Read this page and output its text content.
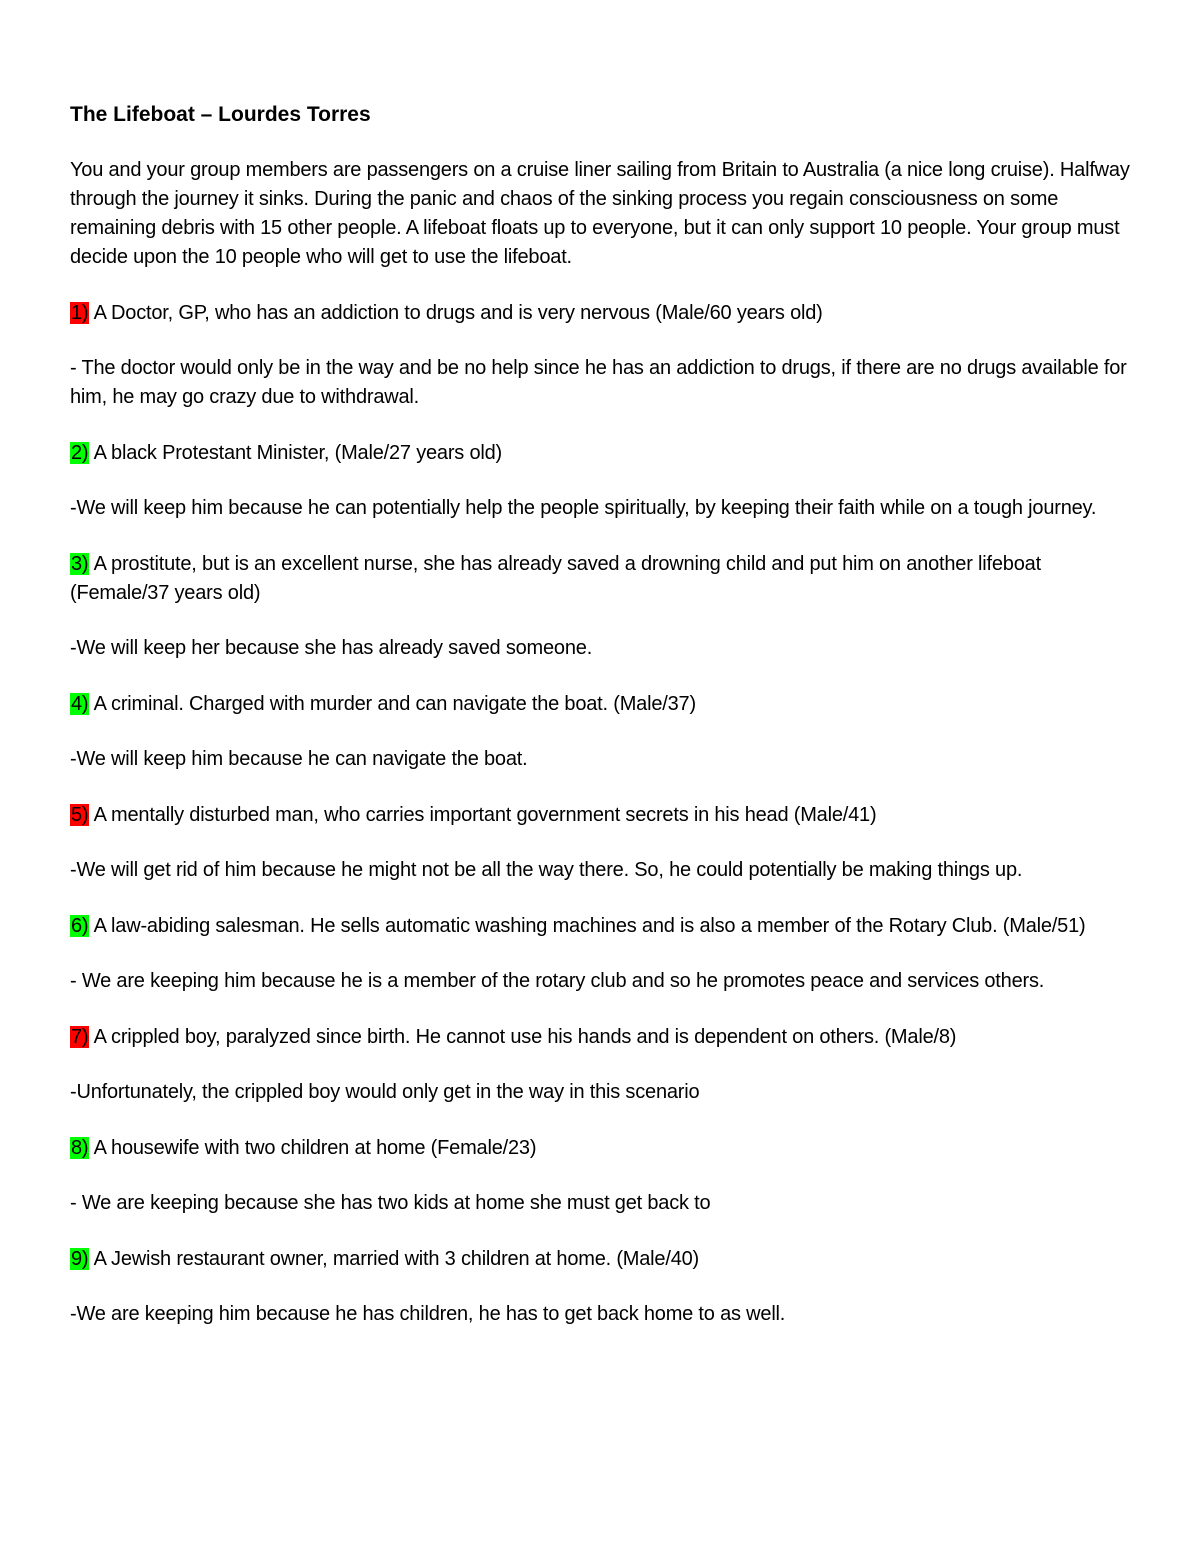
The Lifeboat – Lourdes Torres

You and your group members are passengers on a cruise liner sailing from Britain to Australia (a nice long cruise). Halfway through the journey it sinks. During the panic and chaos of the sinking process you regain consciousness on some remaining debris with 15 other people. A lifeboat floats up to everyone, but it can only support 10 people. Your group must decide upon the 10 people who will get to use the lifeboat.

1) A Doctor, GP, who has an addiction to drugs and is very nervous (Male/60 years old)

- The doctor would only be in the way and be no help since he has an addiction to drugs, if there are no drugs available for him, he may go crazy due to withdrawal.

2) A black Protestant Minister, (Male/27 years old)

-We will keep him because he can potentially help the people spiritually, by keeping their faith while on a tough journey.

3) A prostitute, but is an excellent nurse, she has already saved a drowning child and put him on another lifeboat (Female/37 years old)

-We will keep her because she has already saved someone.

4) A criminal. Charged with murder and can navigate the boat. (Male/37)

-We will keep him because he can navigate the boat.

5) A mentally disturbed man, who carries important government secrets in his head (Male/41)

-We will get rid of him because he might not be all the way there. So, he could potentially be making things up.

6) A law-abiding salesman. He sells automatic washing machines and is also a member of the Rotary Club. (Male/51)

- We are keeping him because he is a member of the rotary club and so he promotes peace and services others.

7) A crippled boy, paralyzed since birth. He cannot use his hands and is dependent on others. (Male/8)

-Unfortunately, the crippled boy would only get in the way in this scenario

8) A housewife with two children at home (Female/23)

- We are keeping because she has two kids at home she must get back to

9) A Jewish restaurant owner, married with 3 children at home. (Male/40)

-We are keeping him because he has children, he has to get back home to as well.
